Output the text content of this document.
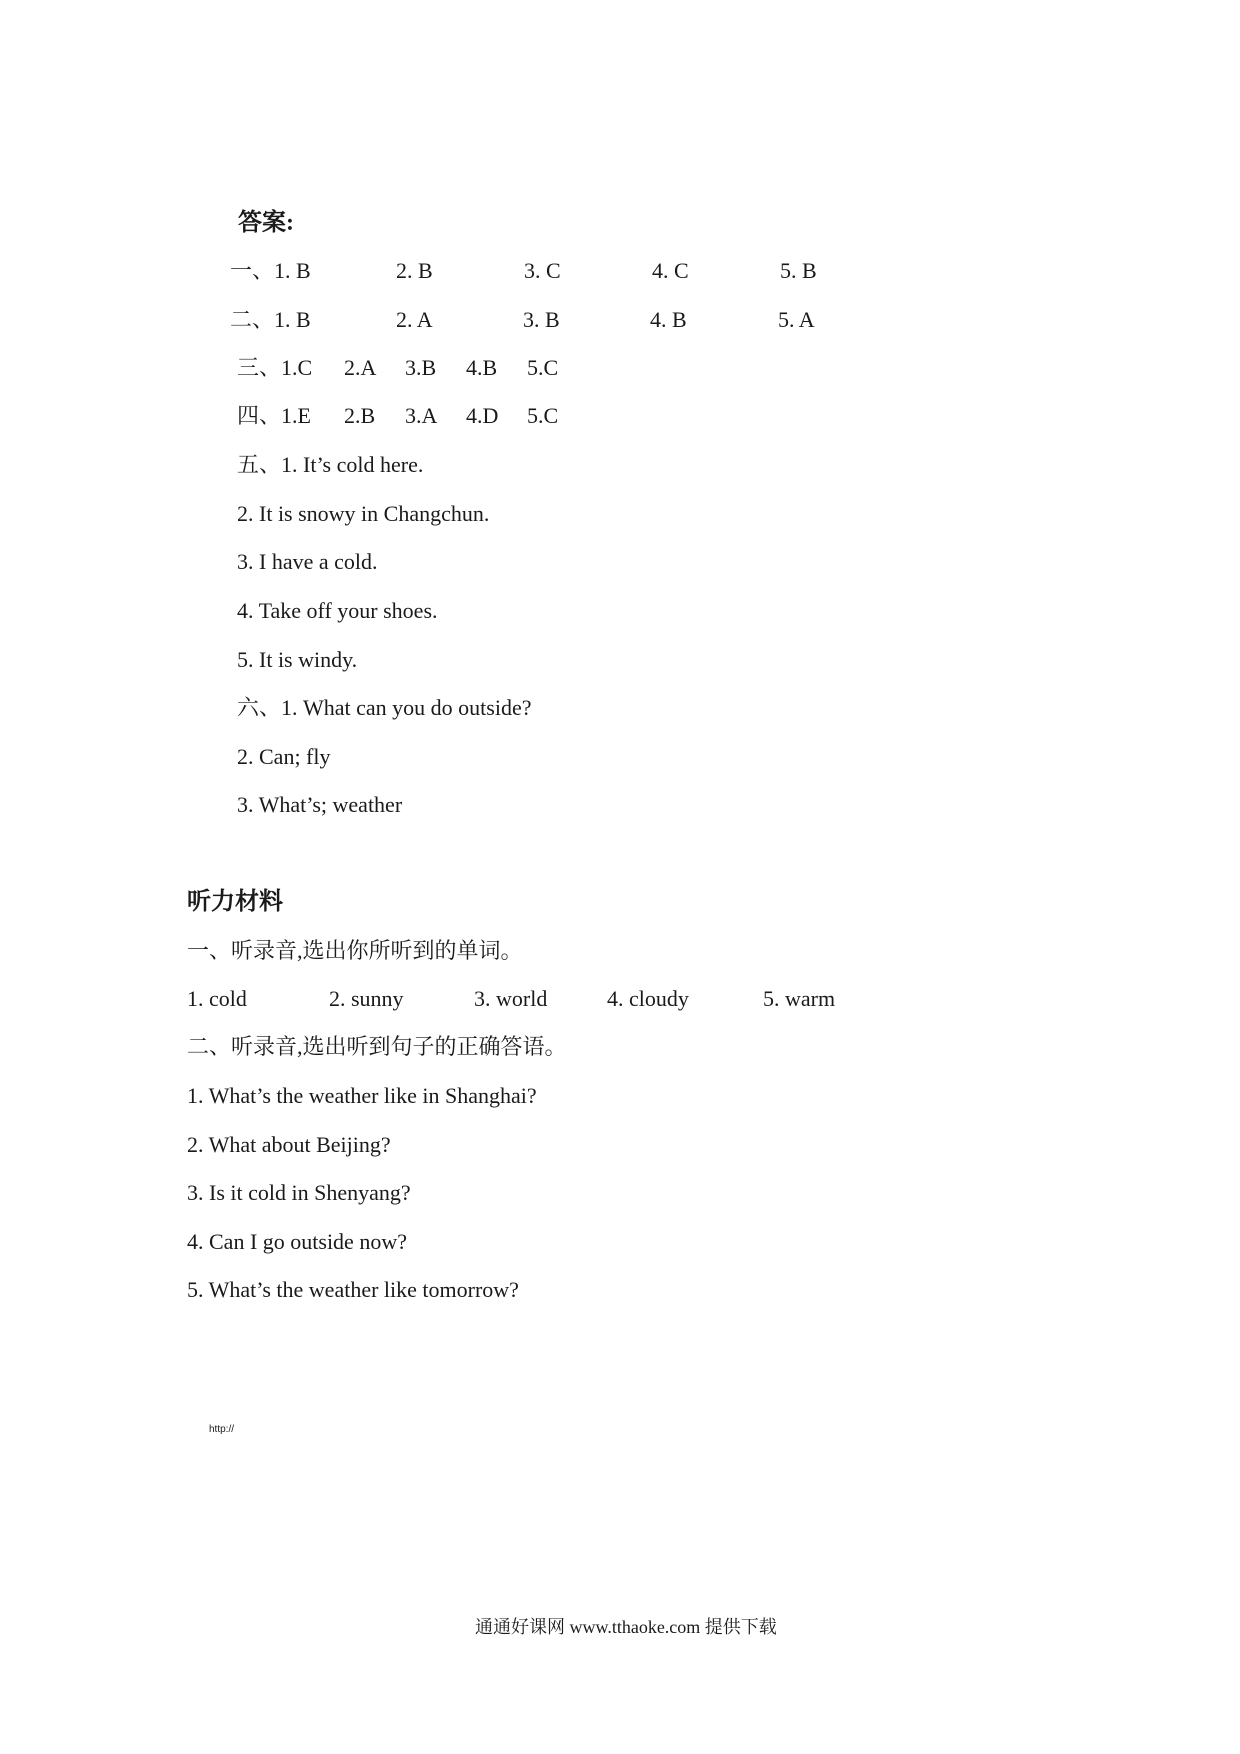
答案:
一、1. B	2. B	3. C	4. C	5. B
二、1. B	2. A	3. B	4. B	5. A
三、1.C 2.A 3.B 4.B 5.C
四、1.E 2.B 3.A 4.D 5.C
五、1. It’s cold here.
2. It is snowy in Changchun.
3. I have a cold.
4. Take off your shoes.
5. It is windy.
六、1. What can you do outside?
2. Can; fly
3. What’s; weather
听力材料
一、听录音,选出你所听到的单词。
1. cold	2. sunny	3. world	4. cloudy	5. warm
二、听录音,选出听到句子的正确答语。
1. What’s the weather like in Shanghai?
2. What about Beijing?
3. Is it cold in Shenyang?
4. Can I go outside now?
5. What’s the weather like tomorrow?
http://
通通好课网 www.tthaoke.com 提供下载
